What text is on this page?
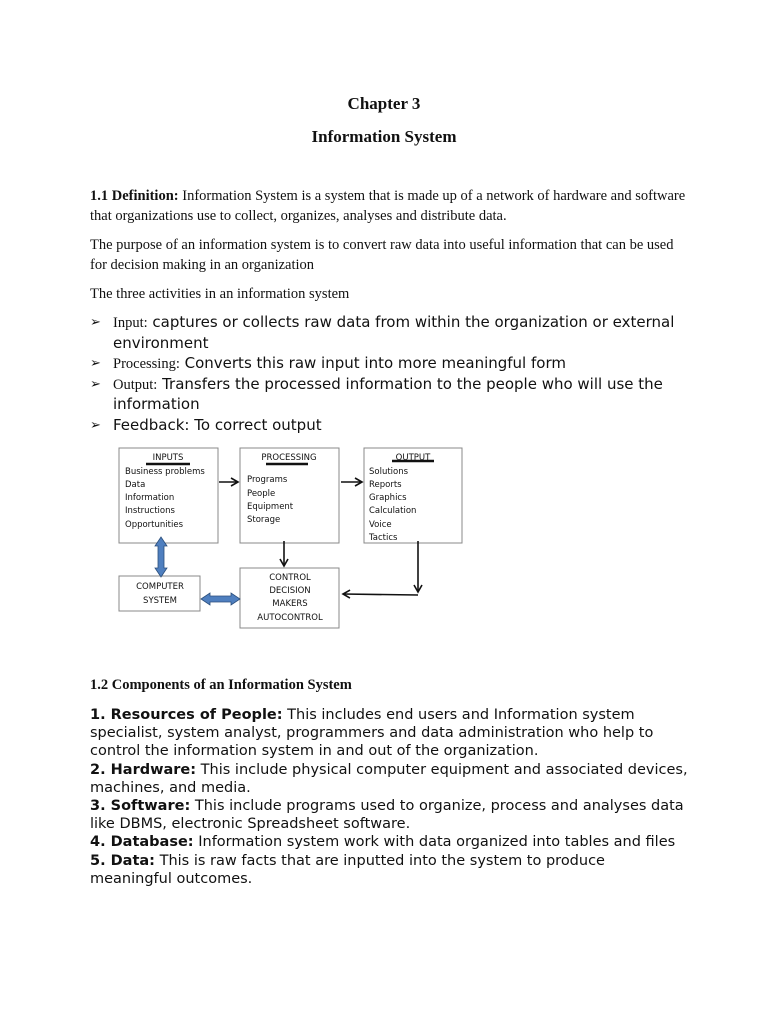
Chapter 3
Information System
1.1 Definition: Information System is a system that is made up of a network of hardware and software that organizations use to collect, organizes, analyses and distribute data.
The purpose of an information system is to convert raw data into useful information that can be used for decision making in an organization
The three activities in an information system
➢ Input: captures or collects raw data from within the organization or external environment
➢ Processing: Converts this raw input into more meaningful form
➢ Output: Transfers the processed information to the people who will use the information
➢ Feedback: To correct output
INPUTS	PROCESSING	OUTPUT
Business problems
Data
Information
Instructions
Opportunities
Programs
People
Equipment
Storage
Solutions
Reports
Graphics
Calculation
Voice
Tactics
COMPUTER
SYSTEM
CONTROL
DECISION
MAKERS
AUTOCONTROL
1.2 Components of an Information System

1. Resources of People: This includes end users and Information system specialist, system analyst, programmers and data administration who help to control the information system in and out of the organization.

2. Hardware: This include physical computer equipment and associated devices, machines, and media.

3. Software: This include programs used to organize, process and analyses data like DBMS, electronic Spreadsheet software.

4. Database: Information system work with data organized into tables and files

5. Data: This is raw facts that are inputted into the system to produce meaningful outcomes.
